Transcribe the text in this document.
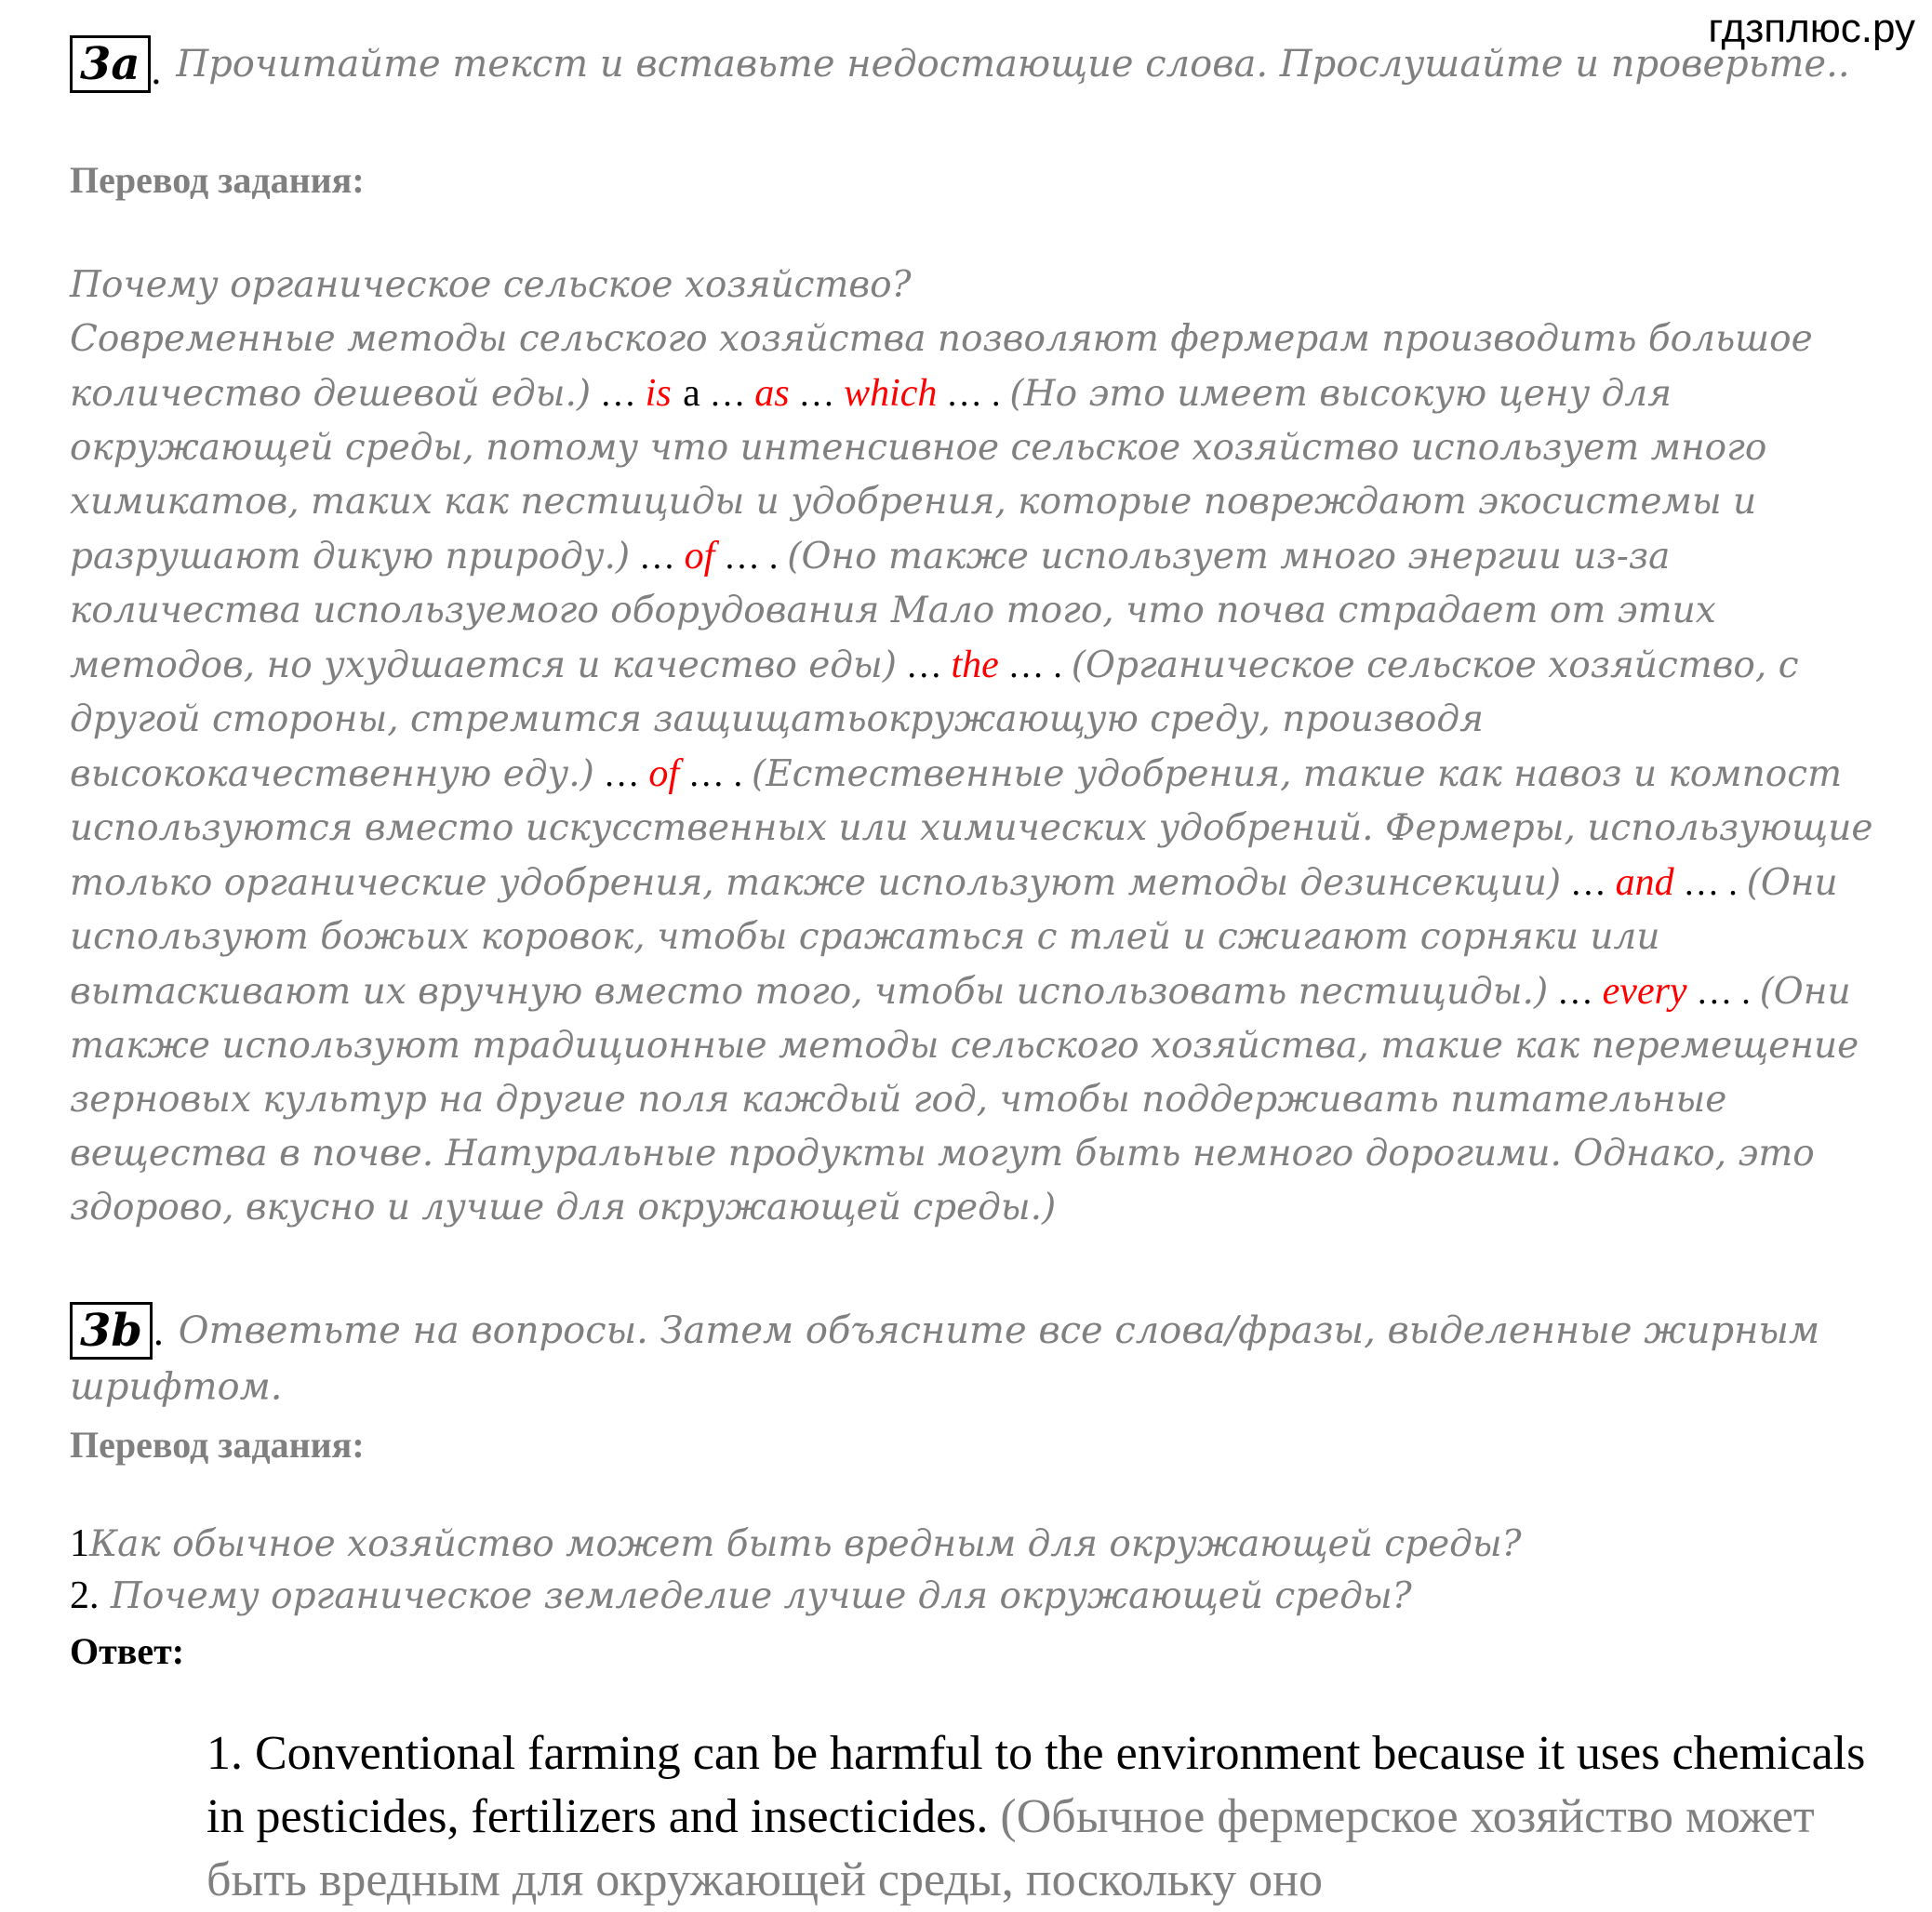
гдзплюс.ру
3a . Прочитайте текст и вставьте недостающие слова. Прослушайте и проверьте..
Перевод задания:
Почему органическое сельское хозяйство?
Современные методы сельского хозяйства позволяют фермерам производить большое количество дешевой еды.) … is a … as … which … . (Но это имеет высокую цену для окружающей среды, потому что интенсивное сельское хозяйство использует много химикатов, таких как пестициды и удобрения, которые повреждают экосистемы и разрушают дикую природу.) … of … . (Оно также использует много энергии из-за количества используемого оборудования Мало того, что почва страдает от этих методов, но ухудшается и качество еды) … the … . (Органическое сельское хозяйство, с другой стороны, стремится защищатьокружающую среду, производя высококачественную еду.) … of … . (Естественные удобрения, такие как навоз и компост используются вместо искусственных или химических удобрений. Фермеры, использующие только органические удобрения, также используют методы дезинсекции) … and … . (Они используют божьих коровок, чтобы сражаться с тлей и сжигают сорняки или вытаскивают их вручную вместо того, чтобы использовать пестициды.) … every … . (Они также используют традиционные методы сельского хозяйства, такие как перемещение зерновых культур на другие поля каждый год, чтобы поддерживать питательные вещества в почве. Натуральные продукты могут быть немного дорогими. Однако, это здорово, вкусно и лучше для окружающей среды.)
3b . Ответьте на вопросы. Затем объясните все слова/фразы, выделенные жирным шрифтом.
Перевод задания:
1Как обычное хозяйство может быть вредным для окружающей среды?
2. Почему органическое земледелие лучше для окружающей среды?
Ответ:
1. Conventional farming can be harmful to the environment because it uses chemicals in pesticides, fertilizers and insecticides. (Обычное фермерское хозяйство может быть вредным для окружающей среды, поскольку оно
